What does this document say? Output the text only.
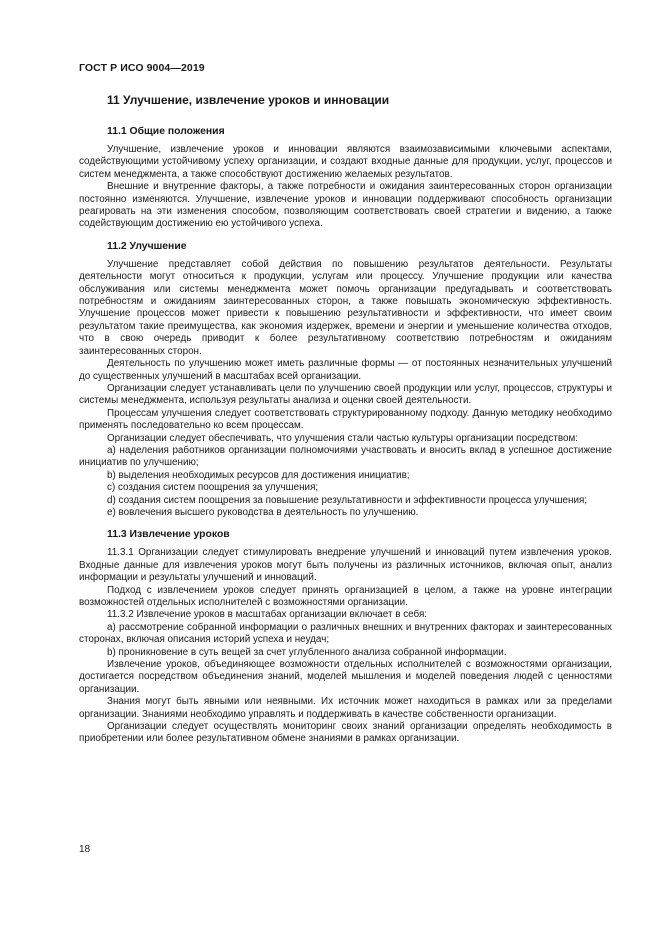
ГОСТ Р ИСО 9004—2019
11 Улучшение, извлечение уроков и инновации
11.1 Общие положения

Улучшение, извлечение уроков и инновации являются взаимозависимыми ключевыми аспектами, содействующими устойчивому успеху организации, и создают входные данные для продукции, услуг, процессов и систем менеджмента, а также способствуют достижению желаемых результатов.

Внешние и внутренние факторы, а также потребности и ожидания заинтересованных сторон организации постоянно изменяются. Улучшение, извлечение уроков и инновации поддерживают способность организации реагировать на эти изменения способом, позволяющим соответствовать своей стратегии и видению, а также содействующим достижению ею устойчивого успеха.

11.2 Улучшение

Улучшение представляет собой действия по повышению результатов деятельности. Результаты деятельности могут относиться к продукции, услугам или процессу. Улучшение продукции или качества обслуживания или системы менеджмента может помочь организации предугадывать и соответствовать потребностям и ожиданиям заинтересованных сторон, а также повышать экономическую эффективность. Улучшение процессов может привести к повышению результативности и эффективности, что имеет своим результатом такие преимущества, как экономия издержек, времени и энергии и уменьшение количества отходов, что в свою очередь приводит к более результативному соответствию потребностям и ожиданиям заинтересованных сторон.

Деятельность по улучшению может иметь различные формы — от постоянных незначительных улучшений до существенных улучшений в масштабах всей организации.

Организации следует устанавливать цели по улучшению своей продукции или услуг, процессов, структуры и системы менеджмента, используя результаты анализа и оценки своей деятельности.

Процессам улучшения следует соответствовать структурированному подходу. Данную методику необходимо применять последовательно ко всем процессам.

Организации следует обеспечивать, что улучшения стали частью культуры организации посредством:

a) наделения работников организации полномочиями участвовать и вносить вклад в успешное достижение инициатив по улучшению;

b) выделения необходимых ресурсов для достижения инициатив;

c) создания систем поощрения за улучшения;

d) создания систем поощрения за повышение результативности и эффективности процесса улучшения;

e) вовлечения высшего руководства в деятельность по улучшению.

11.3 Извлечение уроков

11.3.1 Организации следует стимулировать внедрение улучшений и инноваций путем извлечения уроков. Входные данные для извлечения уроков могут быть получены из различных источников, включая опыт, анализ информации и результаты улучшений и инноваций.

Подход с извлечением уроков следует принять организацией в целом, а также на уровне интеграции возможностей отдельных исполнителей с возможностями организации.

11.3.2 Извлечение уроков в масштабах организации включает в себя:

a) рассмотрение собранной информации о различных внешних и внутренних факторах и заинтересованных сторонах, включая описания историй успеха и неудач;

b) проникновение в суть вещей за счет углубленного анализа собранной информации.

Извлечение уроков, объединяющее возможности отдельных исполнителей с возможностями организации, достигается посредством объединения знаний, моделей мышления и моделей поведения людей с ценностями организации.

Знания могут быть явными или неявными. Их источник может находиться в рамках или за пределами организации. Знаниями необходимо управлять и поддерживать в качестве собственности организации.

Организации следует осуществлять мониторинг своих знаний организации определять необходимость в приобретении или более результативном обмене знаниями в рамках организации.

18
